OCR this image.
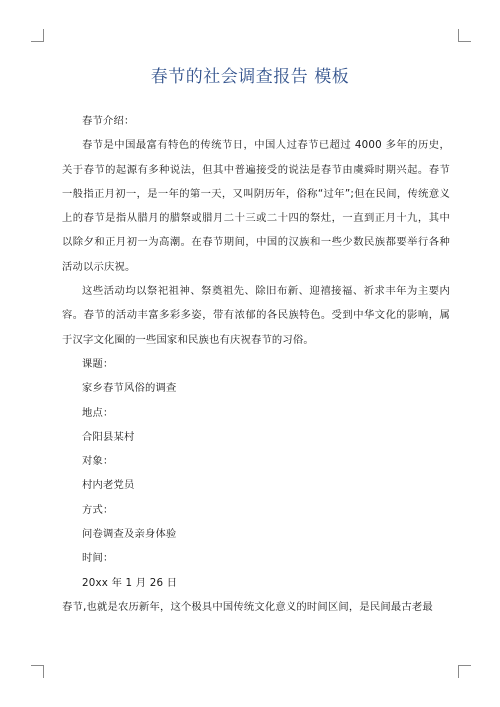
春节的社会调查报告 模板

春节介绍：

春节是中国最富有特色的传统节日，中国人过春节已超过 4000 多年的历史，关于春节的起源有多种说法，但其中普遍接受的说法是春节由虞舜时期兴起。春节一般指正月初一，是一年的第一天，又叫阴历年，俗称“过年”;但在民间，传统意义上的春节是指从腊月的腊祭或腊月二十三或二十四的祭灶，一直到正月十九，其中以除夕和正月初一为高潮。在春节期间，中国的汉族和一些少数民族都要举行各种活动以示庆祝。

这些活动均以祭祀祖神、祭奠祖先、除旧布新、迎禧接福、祈求丰年为主要内容。春节的活动丰富多彩多姿，带有浓郁的各民族特色。受到中华文化的影响，属于汉字文化圈的一些国家和民族也有庆祝春节的习俗。

课题：

家乡春节风俗的调查

地点：

合阳县某村

对象：

村内老党员

方式：

问卷调查及亲身体验

时间：

20xx 年 1 月 26 日

春节,也就是农历新年，这个极具中国传统文化意义的时间区间，是民间最古老最
